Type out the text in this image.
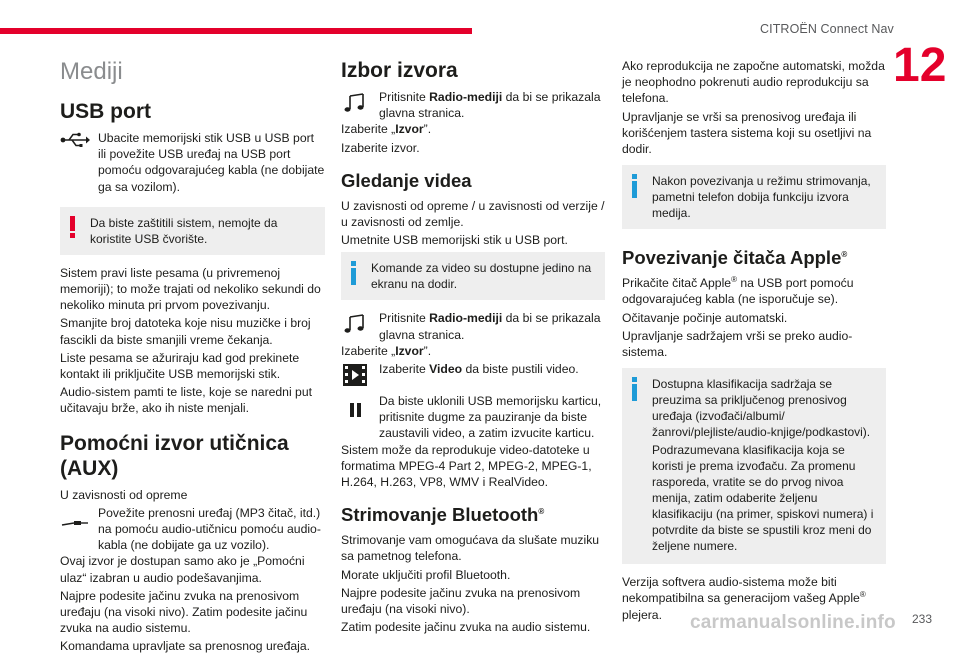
CITROËN Connect Nav
12
Mediji
USB port
Ubacite memorijski stik USB u USB port ili povežite USB uređaj na USB port pomoću odgovarajućeg kabla (ne dobijate ga sa vozilom).
Da biste zaštitili sistem, nemojte da koristite USB čvorište.

Sistem pravi liste pesama (u privremenoj memoriji); to može trajati od nekoliko sekundi do nekoliko minuta pri prvom povezivanju.

Smanjite broj datoteka koje nisu muzičke i broj fascikli da biste smanjili vreme čekanja.

Liste pesama se ažuriraju kad god prekinete kontakt ili priključite USB memorijski stik.

Audio-sistem pamti te liste, koje se naredni put učitavaju brže, ako ih niste menjali.

Pomoćni izvor utičnica (AUX)

U zavisnosti od opreme

Povežite prenosni uređaj (MP3 čitač, itd.) na pomoću audio-utičnicu pomoću audio-kabla (ne dobijate ga uz vozilo).

Ovaj izvor je dostupan samo ako je „Pomoćni ulaz“ izabran u audio podešavanjima.

Najpre podesite jačinu zvuka na prenosivom uređaju (na visoki nivo). Zatim podesite jačinu zvuka na audio sistemu.

Komandama upravljate sa prenosnog uređaja.

Izbor izvora
Pritisnite Radio-mediji da bi se prikazala glavna stranica.

Izaberite „Izvor”.

Izaberite izvor.

Gledanje videa

U zavisnosti od opreme / u zavisnosti od verzije / u zavisnosti od zemlje.

Umetnite USB memorijski stik u USB port.

Komande za video su dostupne jedino na ekranu na dodir.
Pritisnite Radio-mediji da bi se prikazala glavna stranica.

Izaberite „Izvor”.

Izaberite Video da biste pustili video.
Da biste uklonili USB memorijsku karticu, pritisnite dugme za pauziranje da biste zaustavili video, a zatim izvucite karticu.

Sistem može da reprodukuje video-datoteke u formatima MPEG-4 Part 2, MPEG-2, MPEG-1, H.264, H.263, VP8, WMV i RealVideo.

Strimovanje Bluetooth®

Strimovanje vam omogućava da slušate muziku sa pametnog telefona.

Morate uključiti profil Bluetooth.

Najpre podesite jačinu zvuka na prenosivom uređaju (na visoki nivo).

Zatim podesite jačinu zvuka na audio sistemu.

Ako reprodukcija ne započne automatski, možda je neophodno pokrenuti audio reprodukciju sa telefona.

Upravljanje se vrši sa prenosivog uređaja ili korišćenjem tastera sistema koji su osetljivi na dodir.

Nakon povezivanja u režimu strimovanja, pametni telefon dobija funkciju izvora medija.
Povezivanje čitača Apple®

Prikačite čitač Apple® na USB port pomoću odgovarajućeg kabla (ne isporučuje se).

Očitavanje počinje automatski.

Upravljanje sadržajem vrši se preko audio-sistema.

Dostupna klasifikacija sadržaja se preuzima sa priključenog prenosivog uređaja (izvođači/albumi/žanrovi/plejliste/audio-knjige/podkastovi).

Podrazumevana klasifikacija koja se koristi je prema izvođaču. Za promenu rasporeda, vratite se do prvog nivoa menija, zatim odaberite željenu klasifikaciju (na primer, spiskovi numera) i potvrdite da biste se spustili kroz meni do željene numere.

Verzija softvera audio-sistema može biti nekompatibilna sa generacijom vašeg Apple® plejera.	carmanualsonline.info 233
